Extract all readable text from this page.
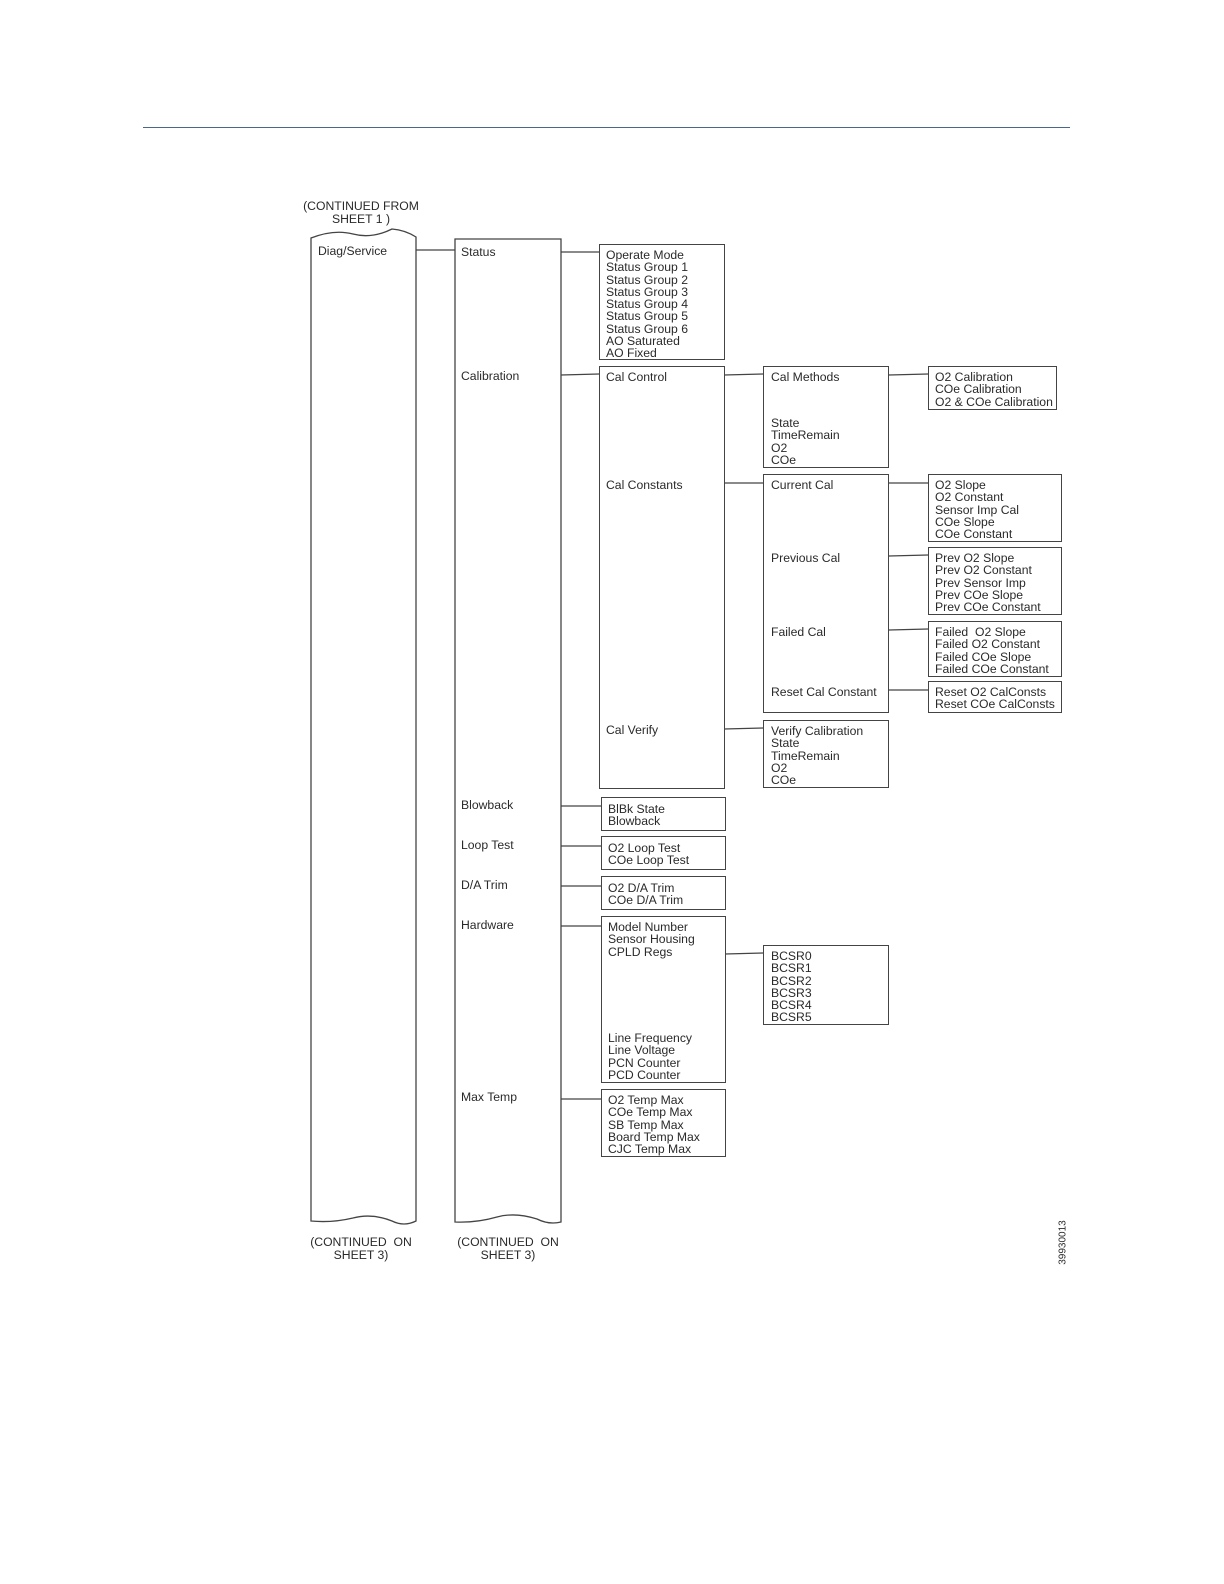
(CONTINUED FROM
SHEET 1 )
(CONTINUED  ON
SHEET 3)
(CONTINUED  ON
SHEET 3)	39930013
Diag/Service	Status
Calibration
Blowback
Loop Test
D/A Trim
Hardware
Max Temp
Operate Mode
Status Group 1
Status Group 2
Status Group 3
Status Group 4
Status Group 5
Status Group 6
AO Saturated
AO Fixed
Cal Control
Cal Constants
Cal Verify
Cal Methods
State
TimeRemain
O2
COe
O2 Calibration
COe Calibration
O2 & COe Calibration
Current Cal
Previous Cal
Failed Cal
Reset Cal Constant
O2 Slope
O2 Constant
Sensor Imp Cal
COe Slope
COe Constant
Prev O2 Slope
Prev O2 Constant
Prev Sensor Imp
Prev COe Slope
Prev COe Constant
Failed  O2 Slope
Failed O2 Constant
Failed COe Slope
Failed COe Constant
Reset O2 CalConsts
Reset COe CalConsts
Verify Calibration
State
TimeRemain
O2
COe
BlBk State
Blowback
O2 Loop Test
COe Loop Test
O2 D/A Trim
COe D/A Trim
Model Number
Sensor Housing
CPLD Regs
Line Frequency
Line Voltage
PCN Counter
PCD Counter
BCSR0
BCSR1
BCSR2
BCSR3
BCSR4
BCSR5
O2 Temp Max
COe Temp Max
SB Temp Max
Board Temp Max
CJC Temp Max
